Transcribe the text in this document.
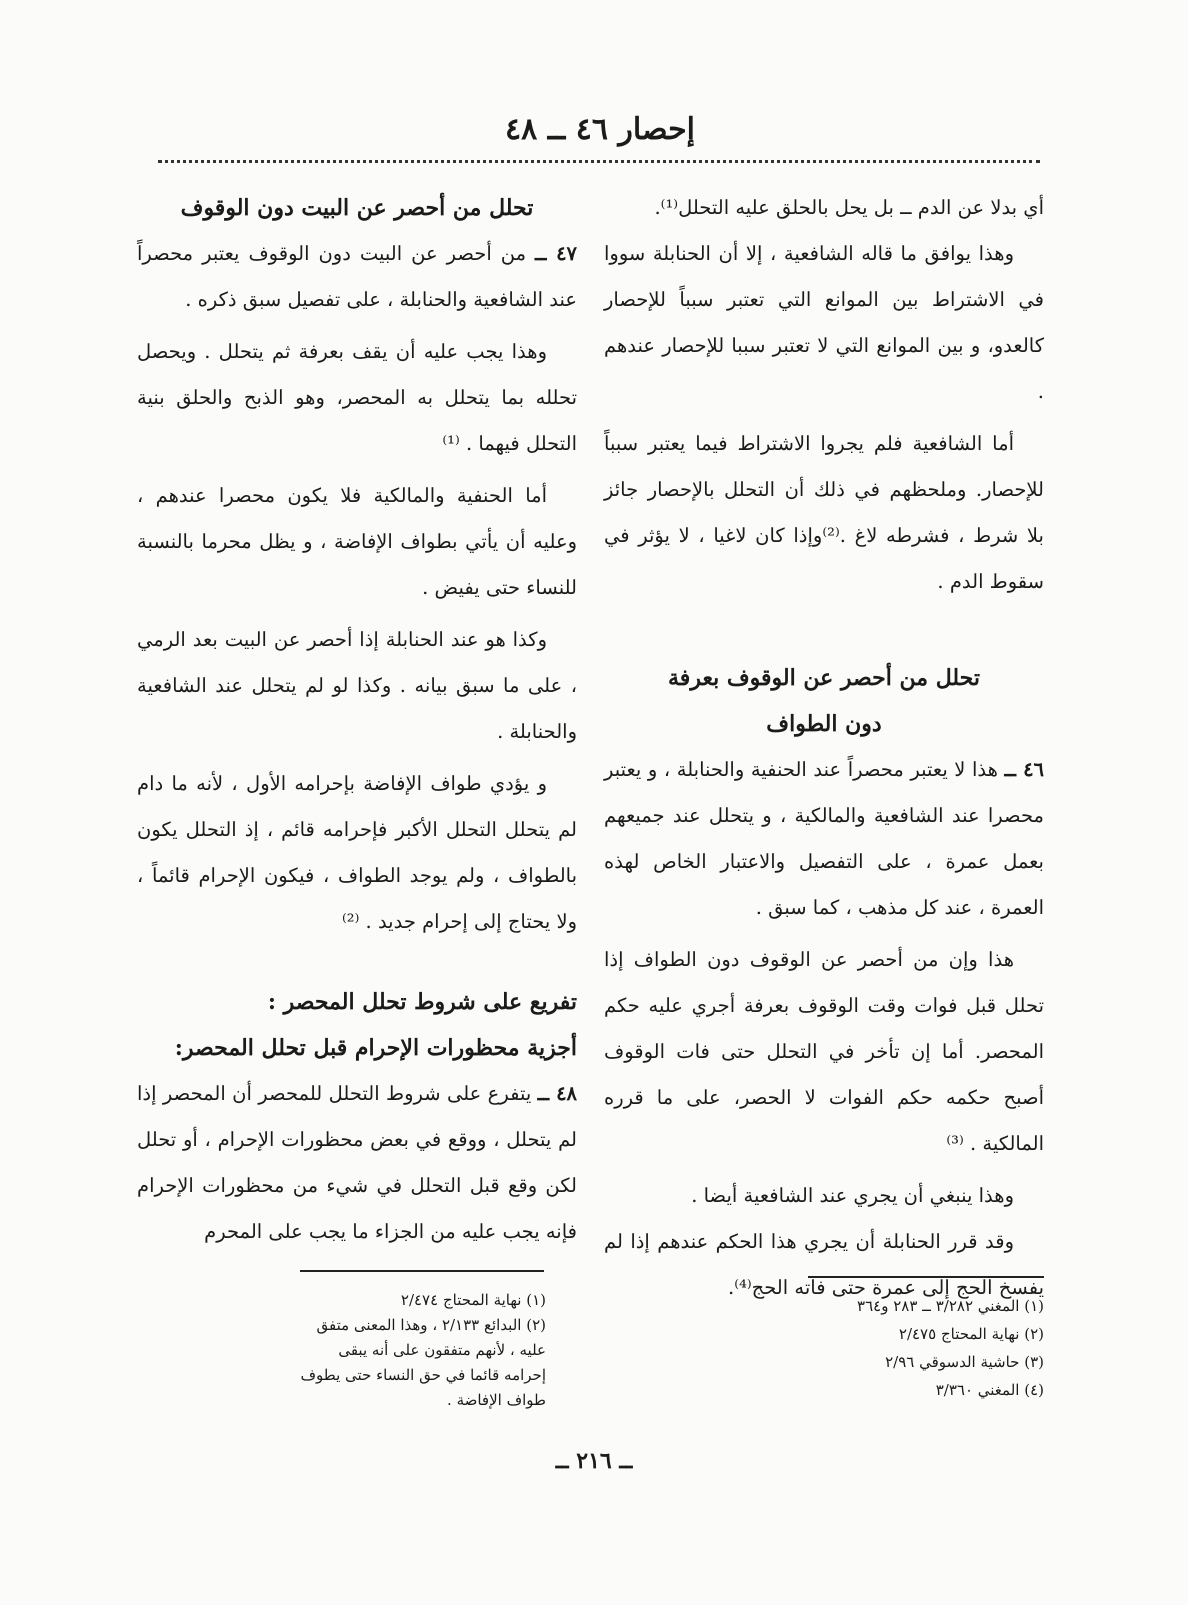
إحصار ٤٦ ــ ٤٨

أي بدلا عن الدم ــ بل يحل بالحلق عليه التحلل⁽¹⁾.

وهذا يوافق ما قاله الشافعية ، إلا أن الحنابلة سووا في الاشتراط بين الموانع التي تعتبر سبباً للإحصار كالعدو، و بين الموانع التي لا تعتبر سببا للإحصار عندهم .

أما الشافعية فلم يجروا الاشتراط فيما يعتبر سبباً للإحصار. وملحظهم في ذلك أن التحلل بالإحصار جائز بلا شرط ، فشرطه لاغ .⁽²⁾وإذا كان لاغيا ، لا يؤثر في سقوط الدم .

تحلل من أحصر عن الوقوف بعرفة
دون الطواف

٤٦ ــ هذا لا يعتبر محصراً عند الحنفية والحنابلة ، و يعتبر محصرا عند الشافعية والمالكية ، و يتحلل عند جميعهم بعمل عمرة ، على التفصيل والاعتبار الخاص لهذه العمرة ، عند كل مذهب ، كما سبق .

هذا وإن من أحصر عن الوقوف دون الطواف إذا تحلل قبل فوات وقت الوقوف بعرفة أجري عليه حكم المحصر. أما إن تأخر في التحلل حتى فات الوقوف أصبح حكمه حكم الفوات لا الحصر، على ما قرره المالكية . ⁽³⁾

وهذا ينبغي أن يجري عند الشافعية أيضا .

وقد قرر الحنابلة أن يجري هذا الحكم عندهم إذا لم يفسخ الحج إلى عمرة حتى فاته الحج⁽⁴⁾.

تحلل من أحصر عن البيت دون الوقوف

٤٧ ــ من أحصر عن البيت دون الوقوف يعتبر محصراً عند الشافعية والحنابلة ، على تفصيل سبق ذكره .

وهذا يجب عليه أن يقف بعرفة ثم يتحلل . ويحصل تحلله بما يتحلل به المحصر، وهو الذبح والحلق بنية التحلل فيهما . ⁽¹⁾

أما الحنفية والمالكية فلا يكون محصرا عندهم ، وعليه أن يأتي بطواف الإفاضة ، و يظل محرما بالنسبة للنساء حتى يفيض .

وكذا هو عند الحنابلة إذا أحصر عن البيت بعد الرمي ، على ما سبق بيانه . وكذا لو لم يتحلل عند الشافعية والحنابلة .

و يؤدي طواف الإفاضة بإحرامه الأول ، لأنه ما دام لم يتحلل التحلل الأكبر فإحرامه قائم ، إذ التحلل يكون بالطواف ، ولم يوجد الطواف ، فيكون الإحرام قائماً ، ولا يحتاج إلى إحرام جديد . ⁽²⁾

تفريع على شروط تحلل المحصر :
أجزية محظورات الإحرام قبل تحلل المحصر:

٤٨ ــ يتفرع على شروط التحلل للمحصر أن المحصر إذا لم يتحلل ، ووقع في بعض محظورات الإحرام ، أو تحلل لكن وقع قبل التحلل في شيء من محظورات الإحرام فإنه يجب عليه من الجزاء ما يجب على المحرم

(١) نهاية المحتاج ٢/٤٧٤
(٢) البدائع ٢/١٣٣ ، وهذا المعنى متفق عليه ، لأنهم متفقون على أنه يبقى إحرامه قائما في حق النساء حتى يطوف طواف الإفاضة .
(١) المغني ٣/٢٨٢ ــ ٢٨٣ و٣٦٤
(٢) نهاية المحتاج ٢/٤٧٥
(٣) حاشية الدسوقي ٢/٩٦
(٤) المغني ٣/٣٦٠
ــ ٢١٦ ــ
